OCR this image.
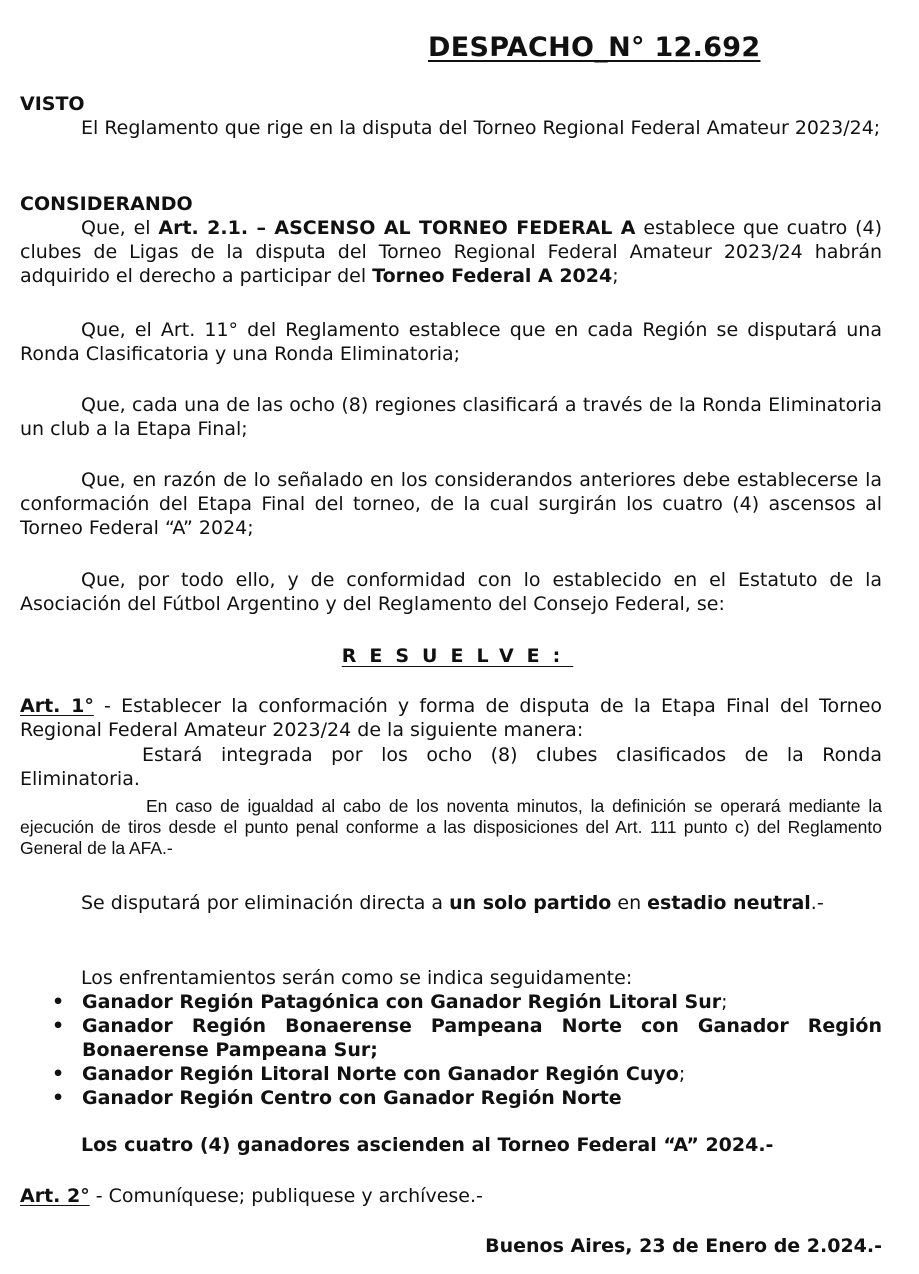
DESPACHO_N° 12.692
VISTO
El Reglamento que rige en la disputa del Torneo Regional Federal Amateur 2023/24;
CONSIDERANDO
Que, el Art. 2.1. – ASCENSO AL TORNEO FEDERAL A establece que cuatro (4) clubes de Ligas de la disputa del Torneo Regional Federal Amateur 2023/24 habrán adquirido el derecho a participar del Torneo Federal A 2024;
Que, el Art. 11° del Reglamento establece que en cada Región se disputará una Ronda Clasificatoria y una Ronda Eliminatoria;
Que, cada una de las ocho (8) regiones clasificará a través de la Ronda Eliminatoria un club a la Etapa Final;
Que, en razón de lo señalado en los considerandos anteriores debe establecerse la conformación del Etapa Final del torneo, de la cual surgirán los cuatro (4) ascensos al Torneo Federal “A” 2024;
Que, por todo ello, y de conformidad con lo establecido en el Estatuto de la Asociación del Fútbol Argentino y del Reglamento del Consejo Federal, se:
RESUELVE:
Art. 1° - Establecer la conformación y forma de disputa de la Etapa Final del Torneo Regional Federal Amateur 2023/24 de la siguiente manera:
Estará integrada por los ocho (8) clubes clasificados de la Ronda Eliminatoria.
En caso de igualdad al cabo de los noventa minutos, la definición se operará mediante la ejecución de tiros desde el punto penal conforme a las disposiciones del Art. 111 punto c) del Reglamento General de la AFA.-
Se disputará por eliminación directa a un solo partido en estadio neutral.-
Los enfrentamientos serán como se indica seguidamente:
• Ganador Región Patagónica con Ganador Región Litoral Sur;
• Ganador Región Bonaerense Pampeana Norte con Ganador Región Bonaerense Pampeana Sur;
• Ganador Región Litoral Norte con Ganador Región Cuyo;
• Ganador Región Centro con Ganador Región Norte
Los cuatro (4) ganadores ascienden al Torneo Federal “A” 2024.-
Art. 2° - Comuníquese; publiquese y archívese.-
Buenos Aires, 23 de Enero de 2.024.-
